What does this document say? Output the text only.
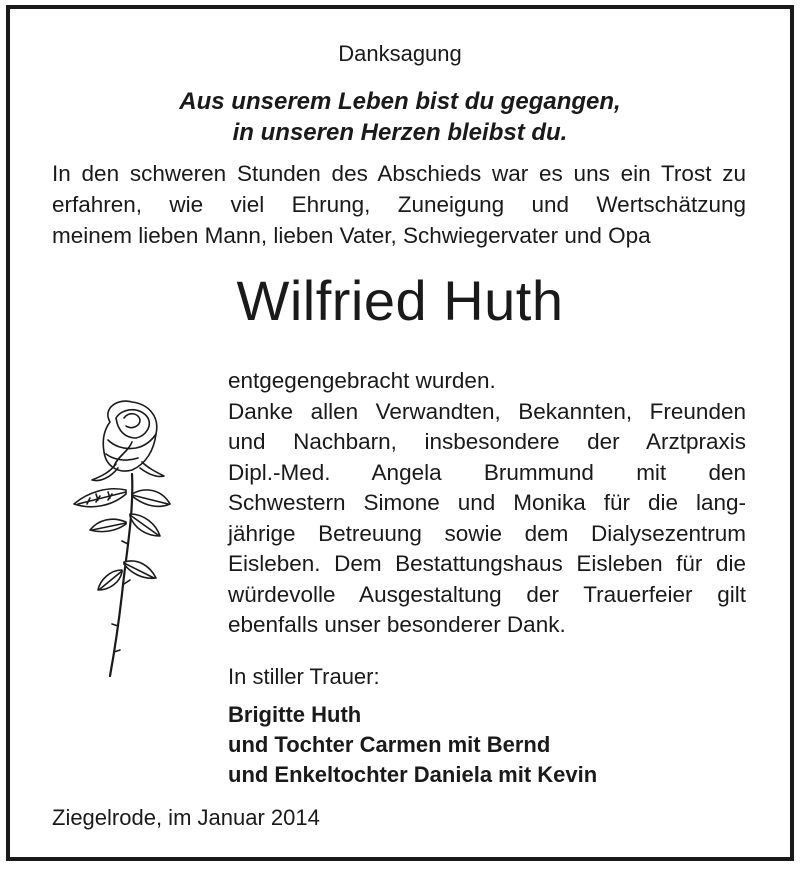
Danksagung

Aus unserem Leben bist du gegangen,

in unseren Herzen bleibst du.

In den schweren Stunden des Abschieds war es uns ein Trost zu
erfahren, wie viel Ehrung, Zuneigung und Wertschätzung
meinem lieben Mann, lieben Vater, Schwiegervater und Opa

Wilfried Huth

entgegengebracht wurden.
Danke allen Verwandten, Bekannten, Freunden
und Nachbarn, insbesondere der Arztpraxis
Dipl.-Med. Angela Brummund mit den
Schwestern Simone und Monika für die lang-
jährige Betreuung sowie dem Dialysezentrum
Eisleben. Dem Bestattungshaus Eisleben für die
würdevolle Ausgestaltung der Trauerfeier gilt
ebenfalls unser besonderer Dank.

In stiller Trauer:

Brigitte Huth

und Tochter Carmen mit Bernd

und Enkeltochter Daniela mit Kevin

Ziegelrode, im Januar 2014
